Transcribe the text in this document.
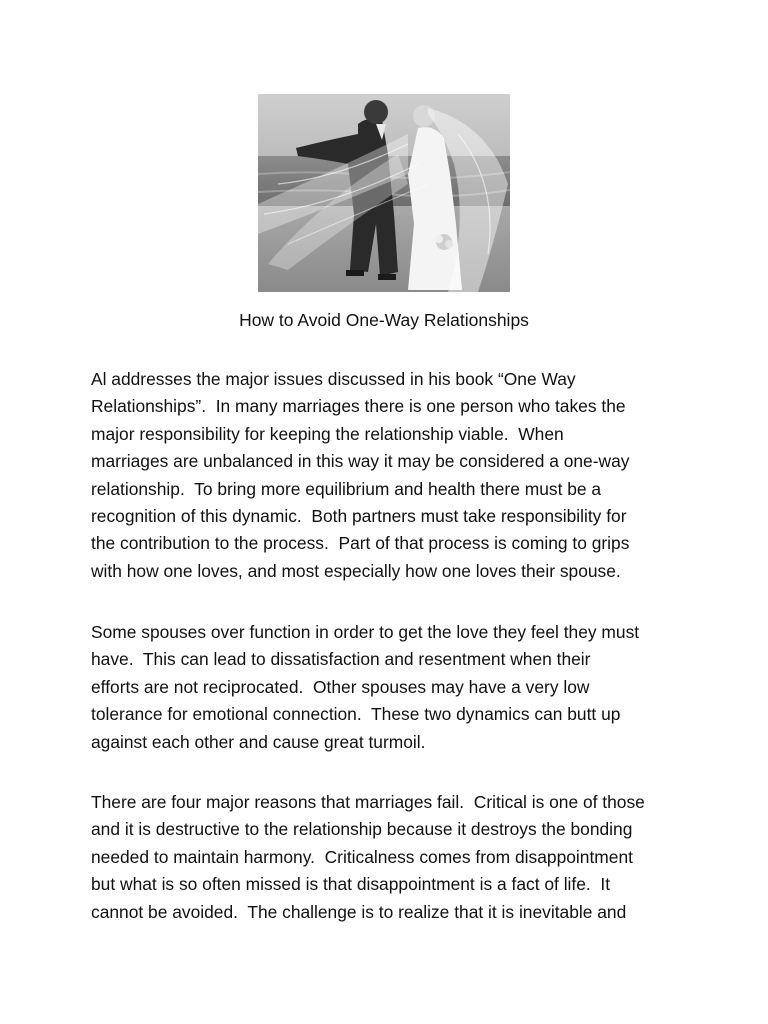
How to Avoid One-Way Relationships
Al addresses the major issues discussed in his book “One Way
Relationships”.  In many marriages there is one person who takes the
major responsibility for keeping the relationship viable.  When
marriages are unbalanced in this way it may be considered a one-way
relationship.  To bring more equilibrium and health there must be a
recognition of this dynamic.  Both partners must take responsibility for
the contribution to the process.  Part of that process is coming to grips
with how one loves, and most especially how one loves their spouse.
Some spouses over function in order to get the love they feel they must
have.  This can lead to dissatisfaction and resentment when their
efforts are not reciprocated.  Other spouses may have a very low
tolerance for emotional connection.  These two dynamics can butt up
against each other and cause great turmoil.
There are four major reasons that marriages fail.  Critical is one of those
and it is destructive to the relationship because it destroys the bonding
needed to maintain harmony.  Criticalness comes from disappointment
but what is so often missed is that disappointment is a fact of life.  It
cannot be avoided.  The challenge is to realize that it is inevitable and
